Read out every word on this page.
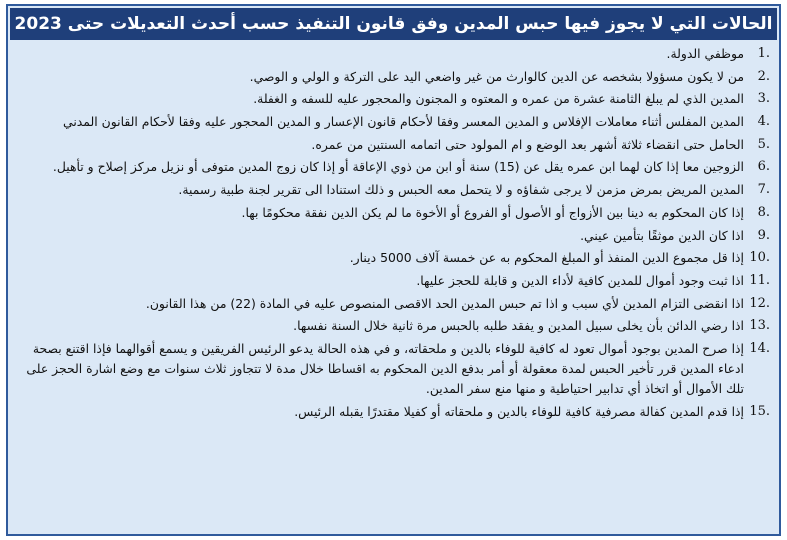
الحالات التي لا يجوز فيها حبس المدين وفق قانون التنفيذ حسب أحدث التعديلات حتى 2023
1.
موظفي الدولة.
2.
من لا يكون مسؤولا بشخصه عن الدين كالوارث من غير واضعي اليد على التركة و الولي و الوصي.
3.
المدين الذي لم يبلغ الثامنة عشرة من عمره و المعتوه و المجنون والمحجور عليه للسفه و الغفلة.
4.
المدين المفلس أثناء معاملات الإفلاس و المدين المعسر وفقا لأحكام قانون الإعسار و المدين المحجور عليه وفقا لأحكام القانون المدني
5.
الحامل حتى انقضاء ثلاثة أشهر بعد الوضع و ام المولود حتى اتمامه السنتين من عمره.
6.
الزوجين معا إذا كان لهما ابن عمره يقل عن (15) سنة أو ابن من ذوي الإعاقة أو إذا كان زوج المدين متوفى أو نزيل مركز إصلاح و تأهيل.
7.
المدين المريض بمرض مزمن لا يرجى شفاؤه و لا يتحمل معه الحبس و ذلك استنادا الى تقرير لجنة طبية رسمية.
8.
إذا كان المحكوم به دينا بين الأزواج أو الأصول أو الفروع أو الأخوة ما لم يكن الدين نفقة محكومًا بها.
9.
اذا كان الدين موثقًا بتأمين عيني.
10.
إذا قل مجموع الدين المنفذ أو المبلغ المحكوم به عن خمسة آلاف 5000 دينار.
11.
اذا ثبت وجود أموال للمدين كافية لأداء الدين و قابلة للحجز عليها.
12.
اذا انقضى التزام المدين لأي سبب و اذا تم حبس المدين الحد الاقصى المنصوص عليه في المادة (22) من هذا القانون.
13.
اذا رضي الدائن بأن يخلى سبيل المدين و يفقد طلبه بالحبس مرة ثانية خلال السنة نفسها.
14.
إذا صرح المدين بوجود أموال تعود له كافية للوفاء بالدين و ملحقاته، و في هذه الحالة يدعو الرئيس الفريقين و يسمع أقوالهما فإذا اقتنع بصحة ادعاء المدين قرر تأخير الحبس لمدة معقولة أو أمر بدفع الدين المحكوم به اقساطا خلال مدة لا تتجاوز ثلاث سنوات مع وضع اشارة الحجز على تلك الأموال أو اتخاذ أي تدابير احتياطية و منها منع سفر المدين.
15.
إذا قدم المدين كفالة مصرفية كافية للوفاء بالدين و ملحقاته أو كفيلا مقتدرًا يقبله الرئيس.
